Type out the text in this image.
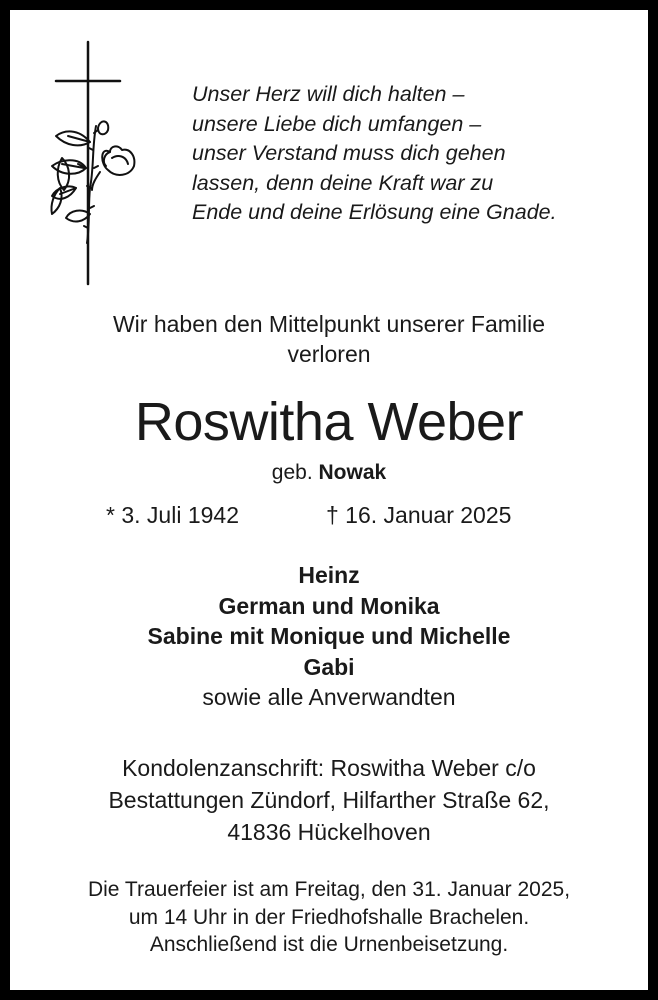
Unser Herz will dich halten –
unsere Liebe dich umfangen –
unser Verstand muss dich gehen
lassen, denn deine Kraft war zu
Ende und deine Erlösung eine Gnade.
Wir haben den Mittelpunkt unserer Familie
verloren
Roswitha Weber
geb. Nowak
* 3. Juli 1942	† 16. Januar 2025
Heinz
German und Monika
Sabine mit Monique und Michelle
Gabi
sowie alle Anverwandten
Kondolenzanschrift: Roswitha Weber c/o
Bestattungen Zündorf, Hilfarther Straße 62,
41836 Hückelhoven
Die Trauerfeier ist am Freitag, den 31. Januar 2025,
um 14 Uhr in der Friedhofshalle Brachelen.
Anschließend ist die Urnenbeisetzung.
